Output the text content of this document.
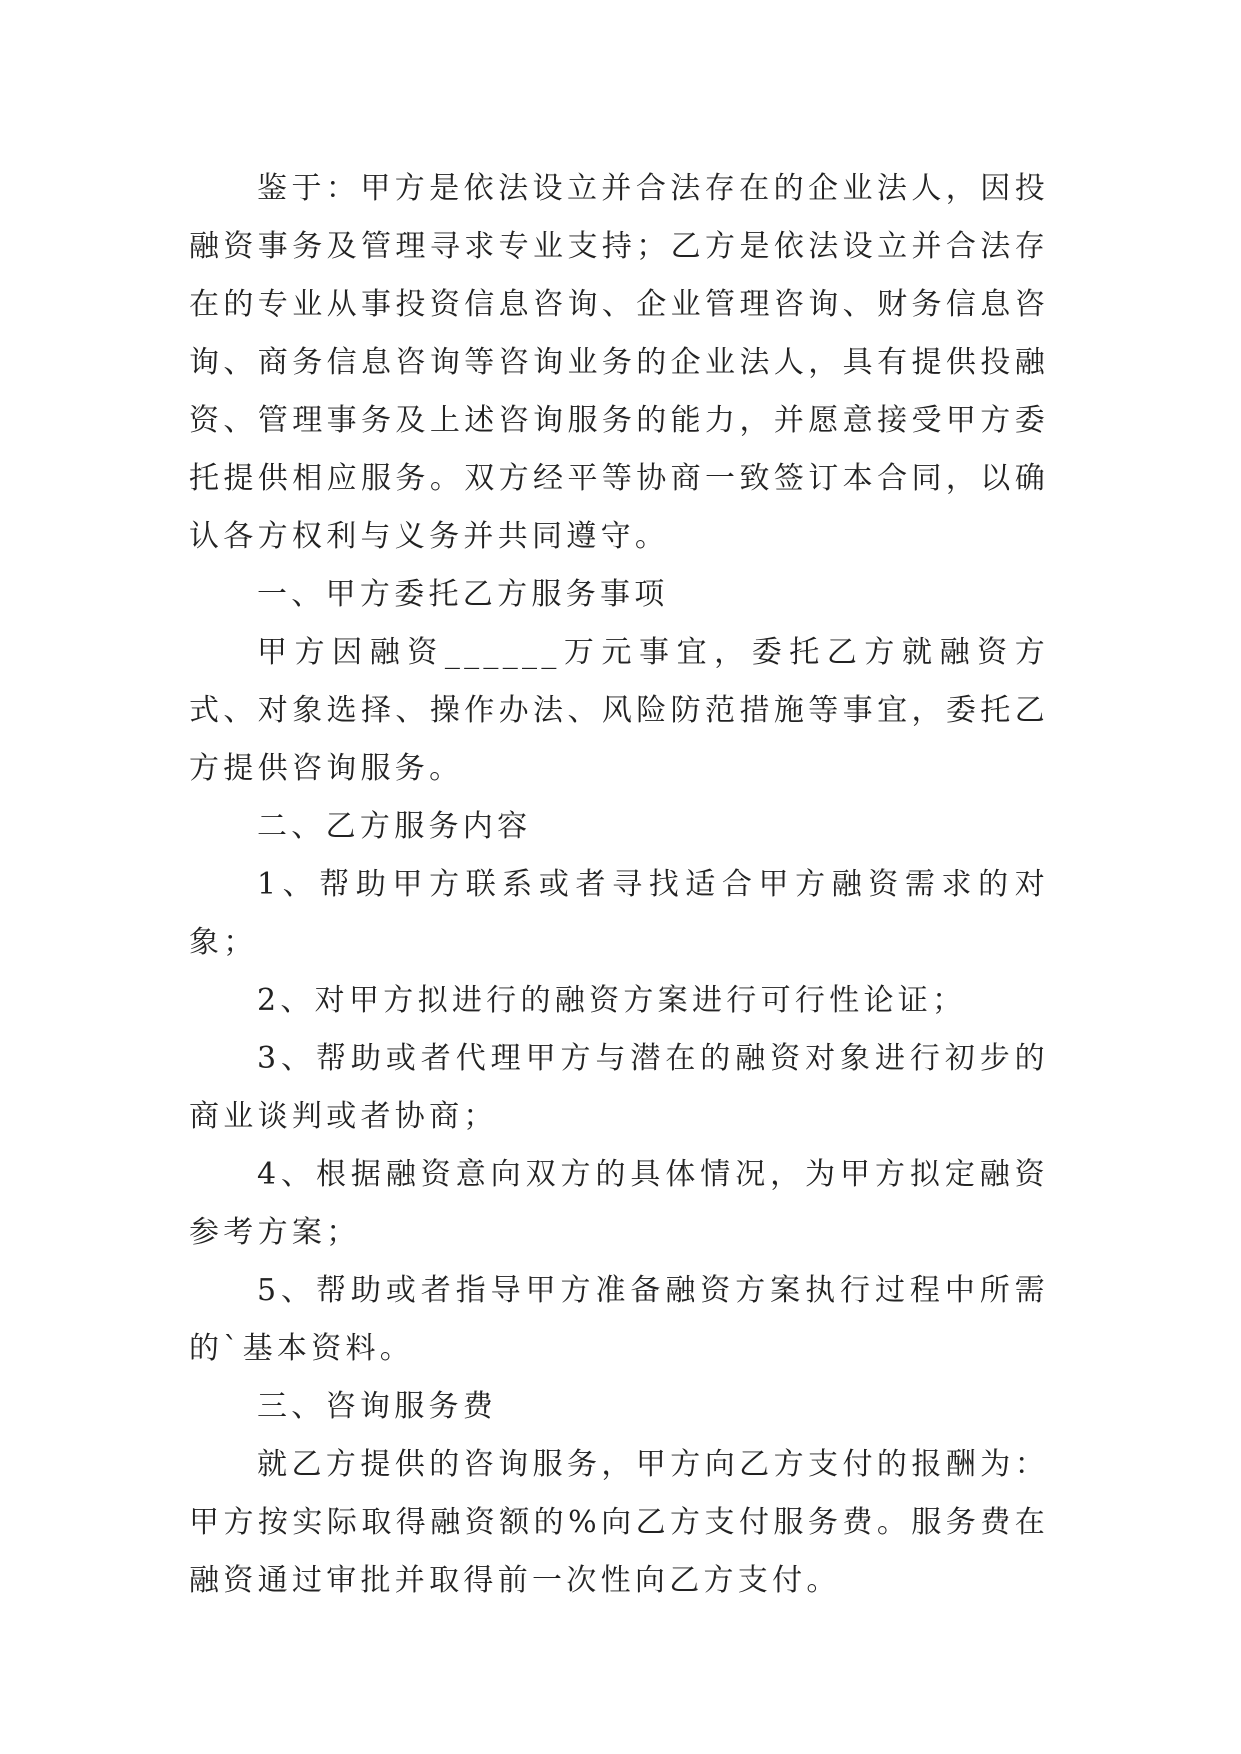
鉴于：甲方是依法设立并合法存在的企业法人，因投融资事务及管理寻求专业支持；乙方是依法设立并合法存在的专业从事投资信息咨询、企业管理咨询、财务信息咨询、商务信息咨询等咨询业务的企业法人，具有提供投融资、管理事务及上述咨询服务的能力，并愿意接受甲方委托提供相应服务。双方经平等协商一致签订本合同，以确认各方权利与义务并共同遵守。

一、甲方委托乙方服务事项

甲方因融资______万元事宜，委托乙方就融资方式、对象选择、操作办法、风险防范措施等事宜，委托乙方提供咨询服务。

二、乙方服务内容

1、帮助甲方联系或者寻找适合甲方融资需求的对象；

2、对甲方拟进行的融资方案进行可行性论证；

3、帮助或者代理甲方与潜在的融资对象进行初步的商业谈判或者协商；

4、根据融资意向双方的具体情况，为甲方拟定融资参考方案；

5、帮助或者指导甲方准备融资方案执行过程中所需的`基本资料。

三、咨询服务费

就乙方提供的咨询服务，甲方向乙方支付的报酬为：甲方按实际取得融资额的%向乙方支付服务费。服务费在融资通过审批并取得前一次性向乙方支付。
